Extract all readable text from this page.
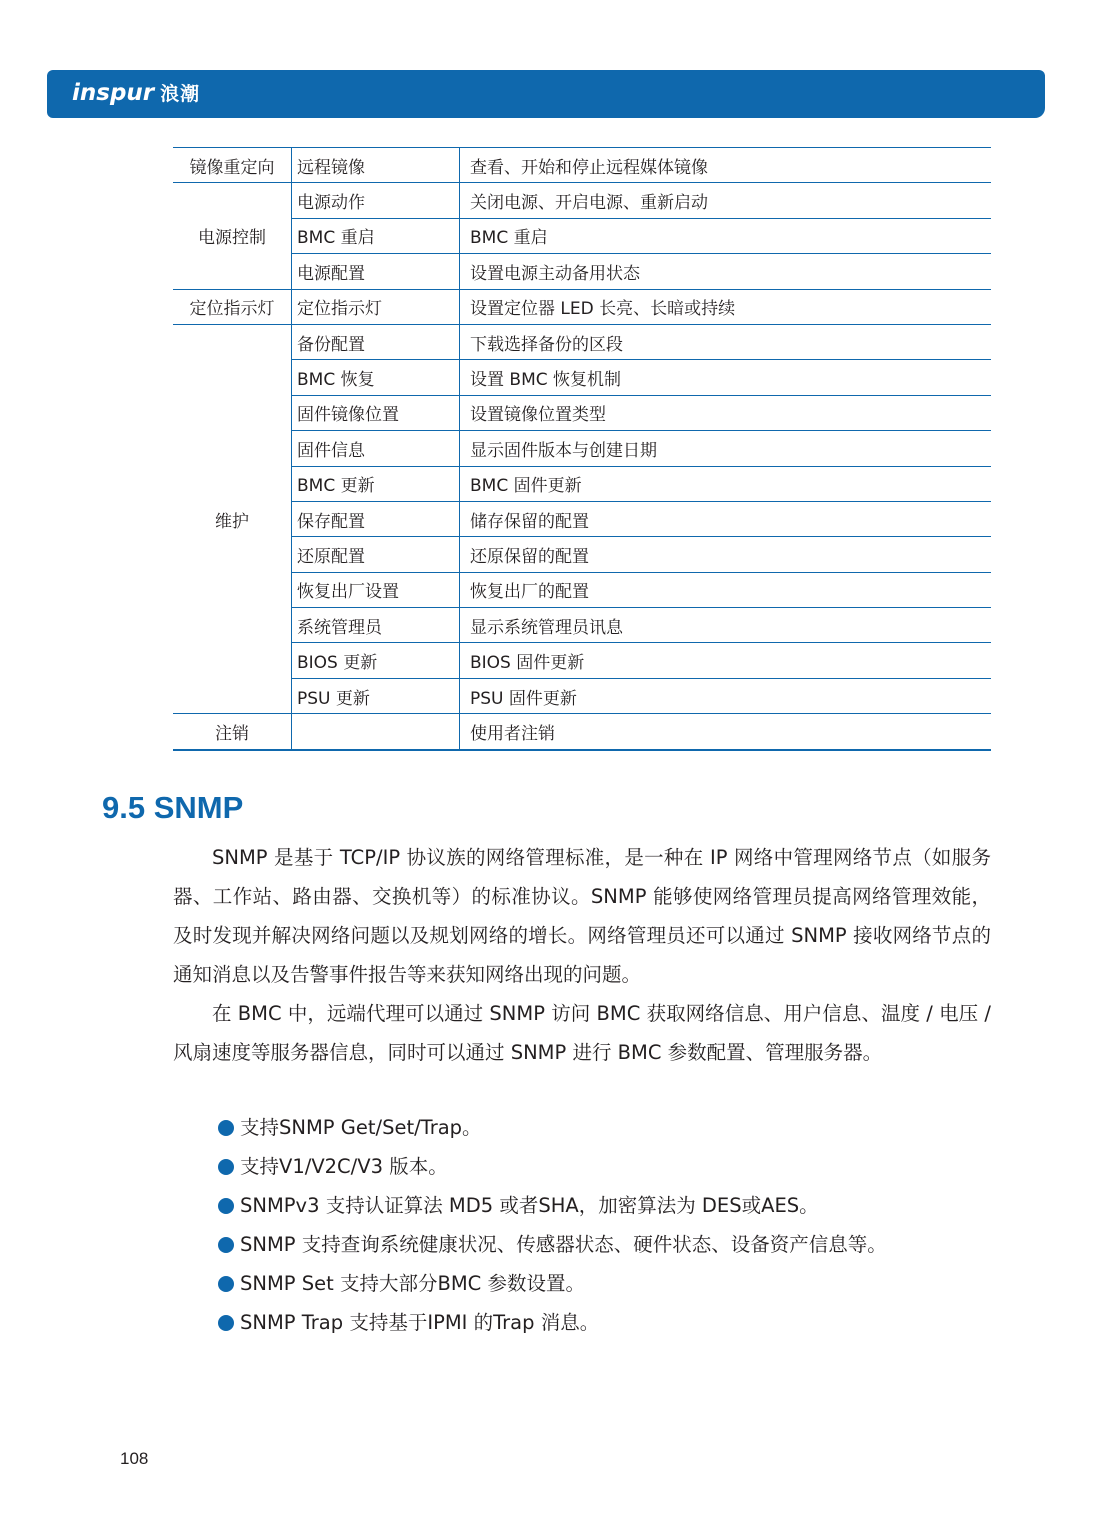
inspur 浪潮
镜像重定向	远程镜像	查看、开始和停止远程媒体镜像
电源控制	电源动作	关闭电源、开启电源、重新启动
	BMC 重启	BMC 重启
	电源配置	设置电源主动备用状态
定位指示灯	定位指示灯	设置定位器 LED 长亮、长暗或持续
维护	备份配置	下载选择备份的区段
	BMC 恢复	设置 BMC 恢复机制
	固件镜像位置	设置镜像位置类型
	固件信息	显示固件版本与创建日期
	BMC 更新	BMC 固件更新
	保存配置	储存保留的配置
	还原配置	还原保留的配置
	恢复出厂设置	恢复出厂的配置
	系统管理员	显示系统管理员讯息
	BIOS 更新	BIOS 固件更新
	PSU 更新	PSU 固件更新
注销		使用者注销
9.5 SNMP

SNMP 是基于 TCP/IP 协议族的网络管理标准，是一种在 IP 网络中管理网络节点（如服务器、工作站、路由器、交换机等）的标准协议。SNMP 能够使网络管理员提高网络管理效能，及时发现并解决网络问题以及规划网络的增长。网络管理员还可以通过 SNMP 接收网络节点的通知消息以及告警事件报告等来获知网络出现的问题。

在 BMC 中，远端代理可以通过 SNMP 访问 BMC 获取网络信息、用户信息、温度 / 电压 / 风扇速度等服务器信息，同时可以通过 SNMP 进行 BMC 参数配置、管理服务器。

支持SNMP Get/Set/Trap。
支持V1/V2C/V3 版本。
SNMPv3 支持认证算法 MD5 或者SHA，加密算法为 DES或AES。
SNMP 支持查询系统健康状况、传感器状态、硬件状态、设备资产信息等。
SNMP Set 支持大部分BMC 参数设置。
SNMP Trap 支持基于IPMI 的Trap 消息。
108
